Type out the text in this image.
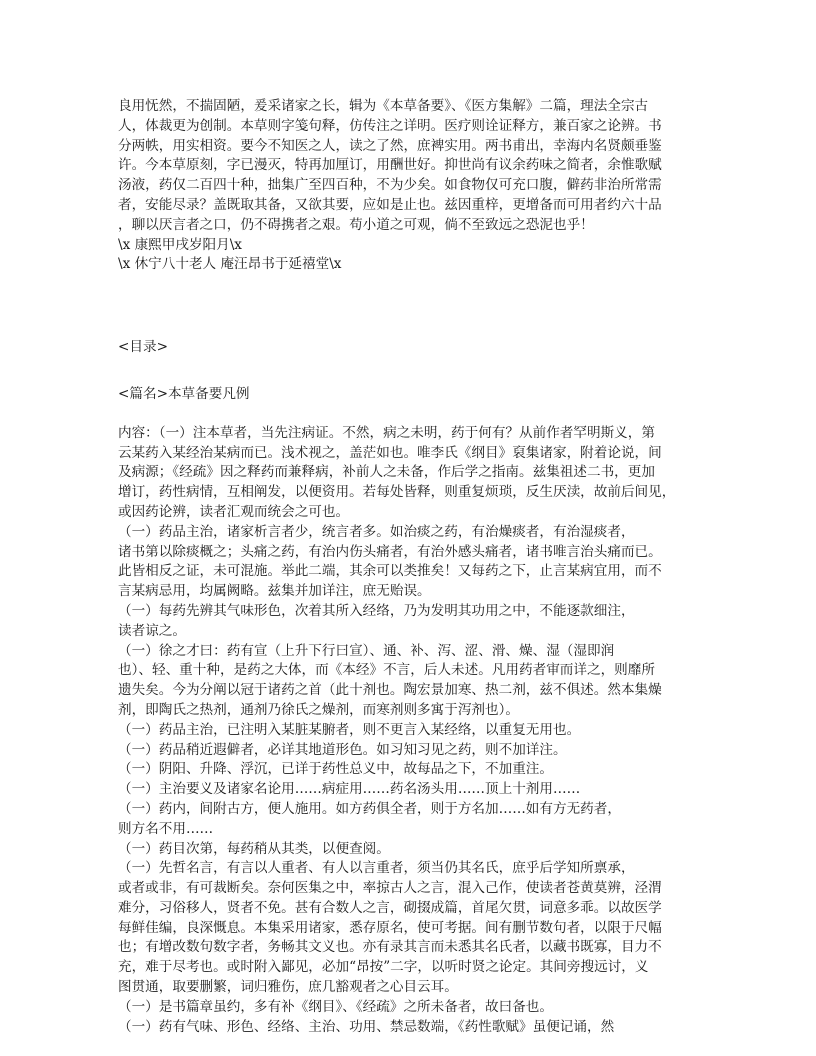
良用怃然，不揣固陋，爰采诸家之长，辑为《本草备要》、《医方集解》二篇，理法全宗古

人，体裁更为创制。本草则字笺句释，仿传注之详明。医疗则诠证释方，兼百家之论辨。书

分两帙，用实相资。要今不知医之人，读之了然，庶裨实用。两书甫出，幸海内名贤颇垂鉴

许。今本草原刻，字已漫灭，特再加厘订，用酬世好。抑世尚有议余药味之简者，余惟歌赋

汤液，药仅二百四十种，拙集广至四百种，不为少矣。如食物仅可充口腹，僻药非治所常需

者，安能尽录？盖既取其备，又欲其要，应如是止也。兹因重梓，更增备而可用者约六十品

，聊以厌言者之口，仍不碍携者之艰。苟小道之可观，倘不至致远之恐泥也乎！

\x 康熙甲戌岁阳月\x

\x 休宁八十老人 庵汪昂书于延禧堂\x

<目录>

<篇名>本草备要凡例

内容：（一）注本草者，当先注病证。不然，病之未明，药于何有？从前作者罕明斯义，第

云某药入某经治某病而已。浅术视之，盖茫如也。唯李氏《纲目》裒集诸家，附着论说，间

及病源；《经疏》因之释药而兼释病，补前人之未备，作后学之指南。兹集祖述二书，更加

增订，药性病情，互相阐发，以便资用。若每处皆释，则重复烦琐，反生厌渎，故前后间见，

或因药论辨，读者汇观而统会之可也。

（一）药品主治，诸家析言者少，统言者多。如治痰之药，有治燥痰者，有治湿痰者，

诸书第以除痰概之；头痛之药，有治内伤头痛者，有治外感头痛者，诸书唯言治头痛而已。

此皆相反之证，未可混施。举此二端，其余可以类推矣！又每药之下，止言某病宜用，而不

言某病忌用，均属阙略。兹集并加详注，庶无贻误。

（一）每药先辨其气味形色，次着其所入经络，乃为发明其功用之中，不能逐款细注，

读者谅之。

（一）徐之才曰：药有宣（上升下行曰宣）、通、补、泻、涩、滑、燥、湿（湿即润

也）、轻、重十种，是药之大体，而《本经》不言，后人未述。凡用药者审而详之，则靡所

遗失矣。今为分阐以冠于诸药之首（此十剂也。陶宏景加寒、热二剂，兹不俱述。然本集燥

剂，即陶氏之热剂，通剂乃徐氏之燥剂，而寒剂则多寓于泻剂也）。

（一）药品主治，已注明入某脏某腑者，则不更言入某经络，以重复无用也。

（一）药品稍近遐僻者，必详其地道形色。如习知习见之药，则不加详注。

（一）阴阳、升降、浮沉，已详于药性总义中，故每品之下，不加重注。

（一）主治要义及诸家名论用……病症用……药名汤头用……顶上十剂用……

（一）药内，间附古方，便人施用。如方药俱全者，则于方名加……如有方无药者，

则方名不用……

（一）药目次第，每药稍从其类，以便查阅。

（一）先哲名言，有言以人重者、有人以言重者，须当仍其名氏，庶乎后学知所禀承，

或者或非，有可裁断矣。奈何医集之中，率掠古人之言，混入己作，使读者苍黄莫辨，泾渭

难分，习俗移人，贤者不免。甚有合数人之言，砌掇成篇，首尾欠贯，词意多乖。以故医学

每鲜佳编，良深慨息。本集采用诸家，悉存原名，使可考据。间有删节数句者，以限于尺幅

也；有增改数句数字者，务畅其文义也。亦有录其言而未悉其名氏者，以藏书既寡，目力不

充，难于尽考也。或时附入鄙见，必加“昂按”二字，以听时贤之论定。其间旁搜远讨，义

图贯通，取要删繁，词归雅伤，庶几豁观者之心目云耳。

（一）是书篇章虽约，多有补《纲目》、《经疏》之所未备者，故曰备也。

（一）药有气味、形色、经络、主治、功用、禁忌数端，《药性歌赋》虽便记诵，然
